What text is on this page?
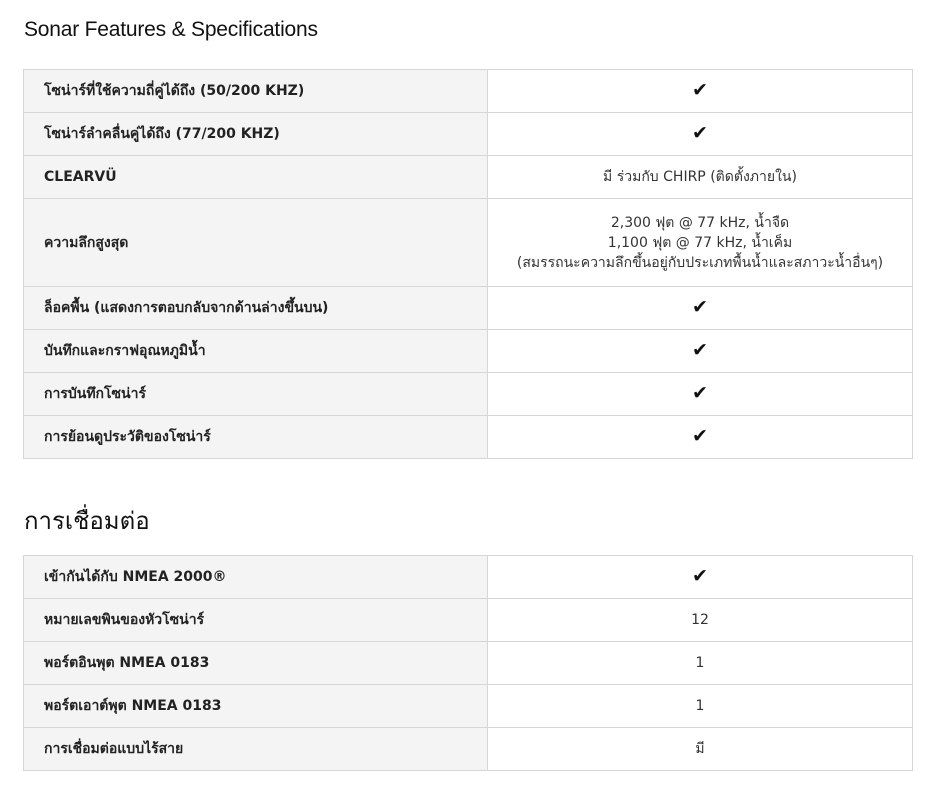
Sonar Features & Specifications
โซน่าร์ที่ใช้ความถี่คู่ได้ถึง (50/200 KHZ)	✔
โซน่าร์ลำคลื่นคู่ได้ถึง (77/200 KHZ)	✔
CLEARVÜ	มี ร่วมกับ CHIRP (ติดตั้งภายใน)
ความลึกสูงสุด	2,300 ฟุต @ 77 kHz, น้ำจืด
1,100 ฟุต @ 77 kHz, น้ำเค็ม
(สมรรถนะความลึกขึ้นอยู่กับประเภทพื้นน้ำและสภาวะน้ำอื่นๆ)

ล็อคพื้น (แสดงการตอบกลับจากด้านล่างขึ้นบน)	✔
บันทึกและกราฟอุณหภูมิน้ำ	✔
การบันทึกโซน่าร์	✔
การย้อนดูประวัติของโซน่าร์	✔
การเชื่อมต่อ
เข้ากันได้กับ NMEA 2000®	✔
หมายเลขพินของหัวโซน่าร์	12
พอร์ตอินพุต NMEA 0183	1
พอร์ตเอาต์พุต NMEA 0183	1
การเชื่อมต่อแบบไร้สาย	มี
